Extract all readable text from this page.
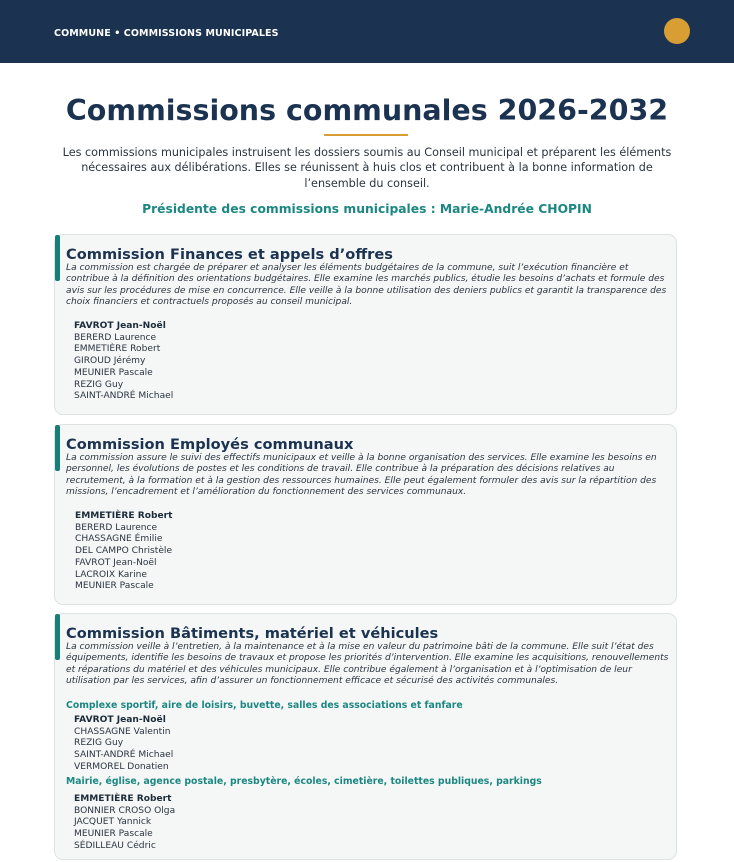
COMMUNE • COMMISSIONS MUNICIPALES
Commissions communales 2026-2032

Les commissions municipales instruisent les dossiers soumis au Conseil municipal et préparent les éléments nécessaires aux délibérations. Elles se réunissent à huis clos et contribuent à la bonne information de l’ensemble du conseil.

Présidente des commissions municipales : Marie-Andrée CHOPIN

Commission Finances et appels d’offres

La commission est chargée de préparer et analyser les éléments budgétaires de la commune, suit l’exécution financière et contribue à la définition des orientations budgétaires. Elle examine les marchés publics, étudie les besoins d’achats et formule des avis sur les procédures de mise en concurrence. Elle veille à la bonne utilisation des deniers publics et garantit la transparence des choix financiers et contractuels proposés au conseil municipal.

FAVROT Jean-Noël
BERERD Laurence
EMMETIÈRE Robert
GIROUD Jérémy
MEUNIER Pascale
REZIG Guy
SAINT-ANDRÉ Michael
Commission Employés communaux

La commission assure le suivi des effectifs municipaux et veille à la bonne organisation des services. Elle examine les besoins en personnel, les évolutions de postes et les conditions de travail. Elle contribue à la préparation des décisions relatives au recrutement, à la formation et à la gestion des ressources humaines. Elle peut également formuler des avis sur la répartition des missions, l’encadrement et l’amélioration du fonctionnement des services communaux.

EMMETIÈRE Robert
BERERD Laurence
CHASSAGNE Émilie
DEL CAMPO Christèle
FAVROT Jean-Noël
LACROIX Karine
MEUNIER Pascale
Commission Bâtiments, matériel et véhicules

La commission veille à l’entretien, à la maintenance et à la mise en valeur du patrimoine bâti de la commune. Elle suit l’état des équipements, identifie les besoins de travaux et propose les priorités d’intervention. Elle examine les acquisitions, renouvellements et réparations du matériel et des véhicules municipaux. Elle contribue également à l’organisation et à l’optimisation de leur utilisation par les services, afin d’assurer un fonctionnement efficace et sécurisé des activités communales.

Complexe sportif, aire de loisirs, buvette, salles des associations et fanfare
FAVROT Jean-Noël
CHASSAGNE Valentin
REZIG Guy
SAINT-ANDRÉ Michael
VERMOREL Donatien
Mairie, église, agence postale, presbytère, écoles, cimetière, toilettes publiques, parkings
EMMETIÈRE Robert
BONNIER CROSO Olga
JACQUET Yannick
MEUNIER Pascale
SÉDILLEAU Cédric
